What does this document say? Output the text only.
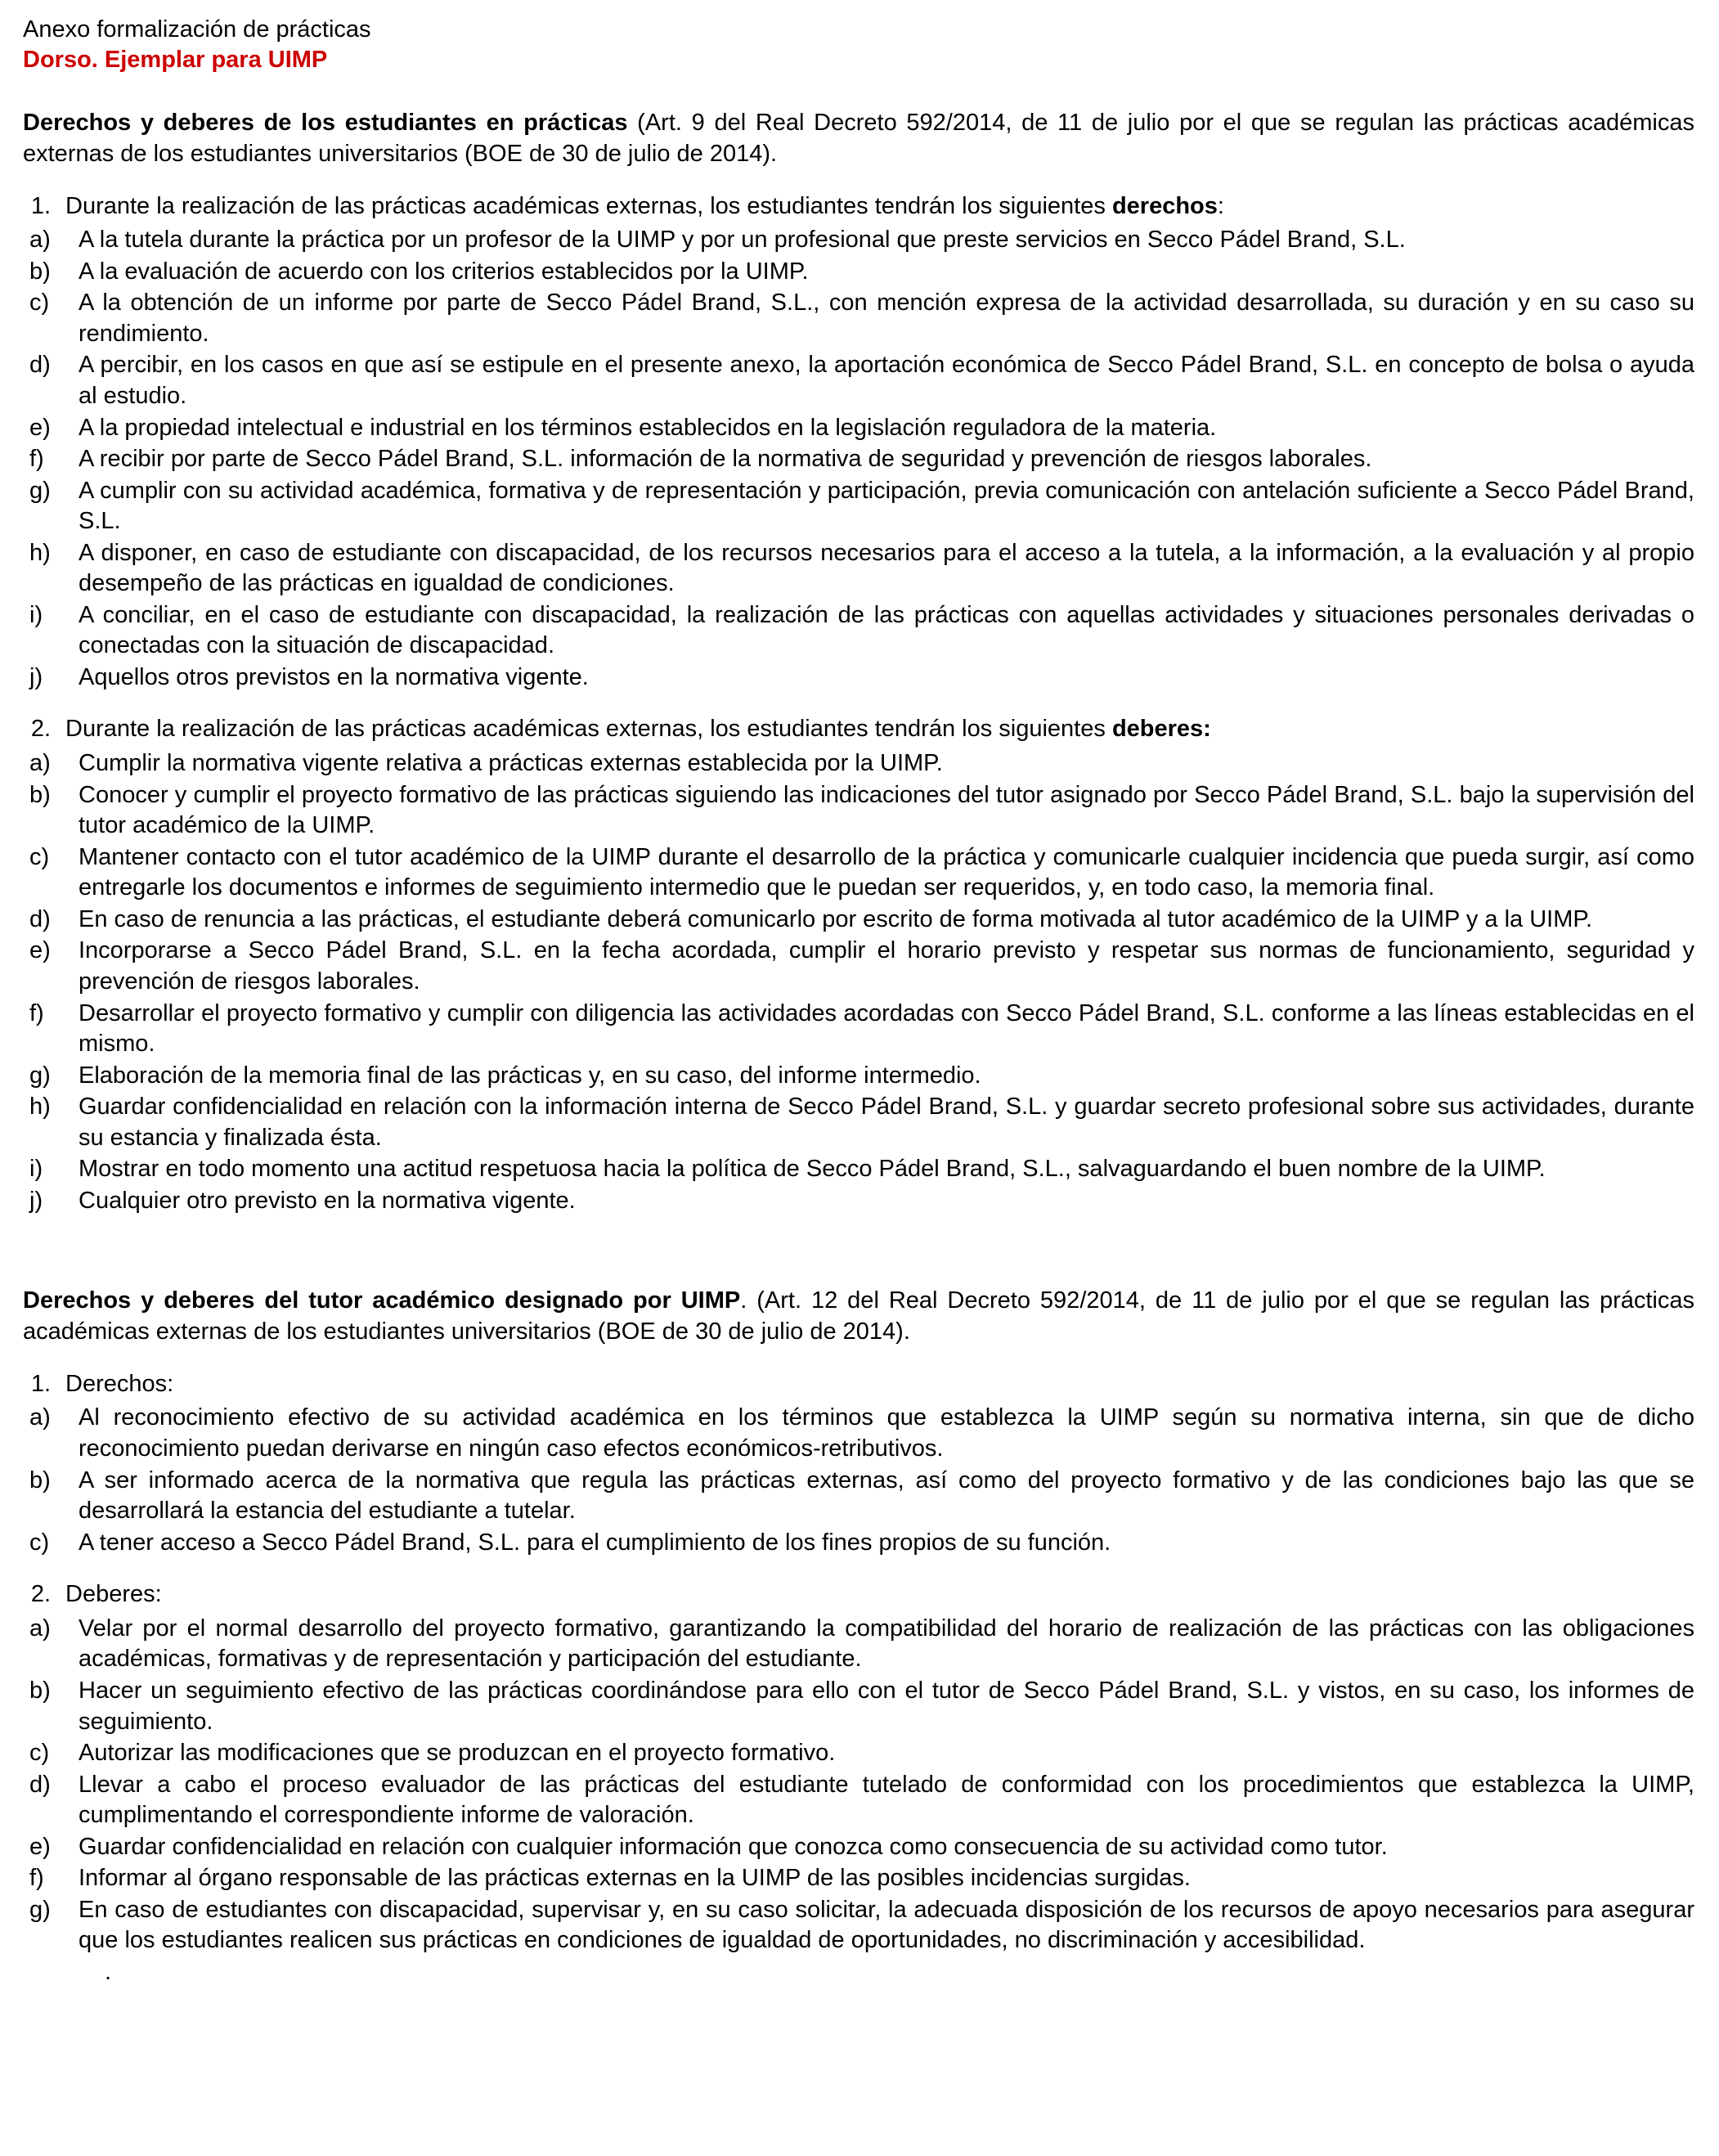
Anexo formalización de prácticas
Dorso. Ejemplar para UIMP
Derechos y deberes de los estudiantes en prácticas (Art. 9 del Real Decreto 592/2014, de 11 de julio por el que se regulan las prácticas académicas externas de los estudiantes universitarios (BOE de 30 de julio de 2014).
1. Durante la realización de las prácticas académicas externas, los estudiantes tendrán los siguientes derechos:
a)	A la tutela durante la práctica por un profesor de la UIMP y por un profesional que preste servicios en Secco Pádel Brand, S.L.
b)	A la evaluación de acuerdo con los criterios establecidos por la UIMP.
c)	A la obtención de un informe por parte de Secco Pádel Brand, S.L., con mención expresa de la actividad desarrollada, su duración y en su caso su rendimiento.
d)	A percibir, en los casos en que así se estipule en el presente anexo, la aportación económica de Secco Pádel Brand, S.L. en concepto de bolsa o ayuda al estudio.
e)	A la propiedad intelectual e industrial en los términos establecidos en la legislación reguladora de la materia.
f)	A recibir por parte de Secco Pádel Brand, S.L. información de la normativa de seguridad y prevención de riesgos laborales.
g)	A cumplir con su actividad académica, formativa y de representación y participación, previa comunicación con antelación suficiente a Secco Pádel Brand, S.L.
h)	A disponer, en caso de estudiante con discapacidad, de los recursos necesarios para el acceso a la tutela, a la información, a la evaluación y al propio desempeño de las prácticas en igualdad de condiciones.
i)	A conciliar, en el caso de estudiante con discapacidad, la realización de las prácticas con aquellas actividades y situaciones personales derivadas o conectadas con la situación de discapacidad.
j)	Aquellos otros previstos en la normativa vigente.
2. Durante la realización de las prácticas académicas externas, los estudiantes tendrán los siguientes deberes:
a)	Cumplir la normativa vigente relativa a prácticas externas establecida por la UIMP.
b)	Conocer y cumplir el proyecto formativo de las prácticas siguiendo las indicaciones del tutor asignado por Secco Pádel Brand, S.L. bajo la supervisión del tutor académico de la UIMP.
c)	Mantener contacto con el tutor académico de la UIMP durante el desarrollo de la práctica y comunicarle cualquier incidencia que pueda surgir, así como entregarle los documentos e informes de seguimiento intermedio que le puedan ser requeridos, y, en todo caso, la memoria final.
d)	En caso de renuncia a las prácticas, el estudiante deberá comunicarlo por escrito de forma motivada al tutor académico de la UIMP y a la UIMP.
e)	Incorporarse a Secco Pádel Brand, S.L. en la fecha acordada, cumplir el horario previsto y respetar sus normas de funcionamiento, seguridad y prevención de riesgos laborales.
f)	Desarrollar el proyecto formativo y cumplir con diligencia las actividades acordadas con Secco Pádel Brand, S.L. conforme a las líneas establecidas en el mismo.
g)	Elaboración de la memoria final de las prácticas y, en su caso, del informe intermedio.
h)	Guardar confidencialidad en relación con la información interna de Secco Pádel Brand, S.L. y guardar secreto profesional sobre sus actividades, durante su estancia y finalizada ésta.
i)	Mostrar en todo momento una actitud respetuosa hacia la política de Secco Pádel Brand, S.L., salvaguardando el buen nombre de la UIMP.
j)	Cualquier otro previsto en la normativa vigente.
Derechos y deberes del tutor académico designado por UIMP. (Art. 12 del Real Decreto 592/2014, de 11 de julio por el que se regulan las prácticas académicas externas de los estudiantes universitarios (BOE de 30 de julio de 2014).
1. Derechos:
a)	Al reconocimiento efectivo de su actividad académica en los términos que establezca la UIMP según su normativa interna, sin que de dicho reconocimiento puedan derivarse en ningún caso efectos económicos-retributivos.
b)	A ser informado acerca de la normativa que regula las prácticas externas, así como del proyecto formativo y de las condiciones bajo las que se desarrollará la estancia del estudiante a tutelar.
c)	A tener acceso a Secco Pádel Brand, S.L. para el cumplimiento de los fines propios de su función.
2. Deberes:
a)	Velar por el normal desarrollo del proyecto formativo, garantizando la compatibilidad del horario de realización de las prácticas con las obligaciones académicas, formativas y de representación y participación del estudiante.
b)	Hacer un seguimiento efectivo de las prácticas coordinándose para ello con el tutor de Secco Pádel Brand, S.L. y vistos, en su caso, los informes de seguimiento.
c)	Autorizar las modificaciones que se produzcan en el proyecto formativo.
d)	Llevar a cabo el proceso evaluador de las prácticas del estudiante tutelado de conformidad con los procedimientos que establezca la UIMP, cumplimentando el correspondiente informe de valoración.
e)	Guardar confidencialidad en relación con cualquier información que conozca como consecuencia de su actividad como tutor.
f)	Informar al órgano responsable de las prácticas externas en la UIMP de las posibles incidencias surgidas.
g)	En caso de estudiantes con discapacidad, supervisar y, en su caso solicitar, la adecuada disposición de los recursos de apoyo necesarios para asegurar que los estudiantes realicen sus prácticas en condiciones de igualdad de oportunidades, no discriminación y accesibilidad.
.
